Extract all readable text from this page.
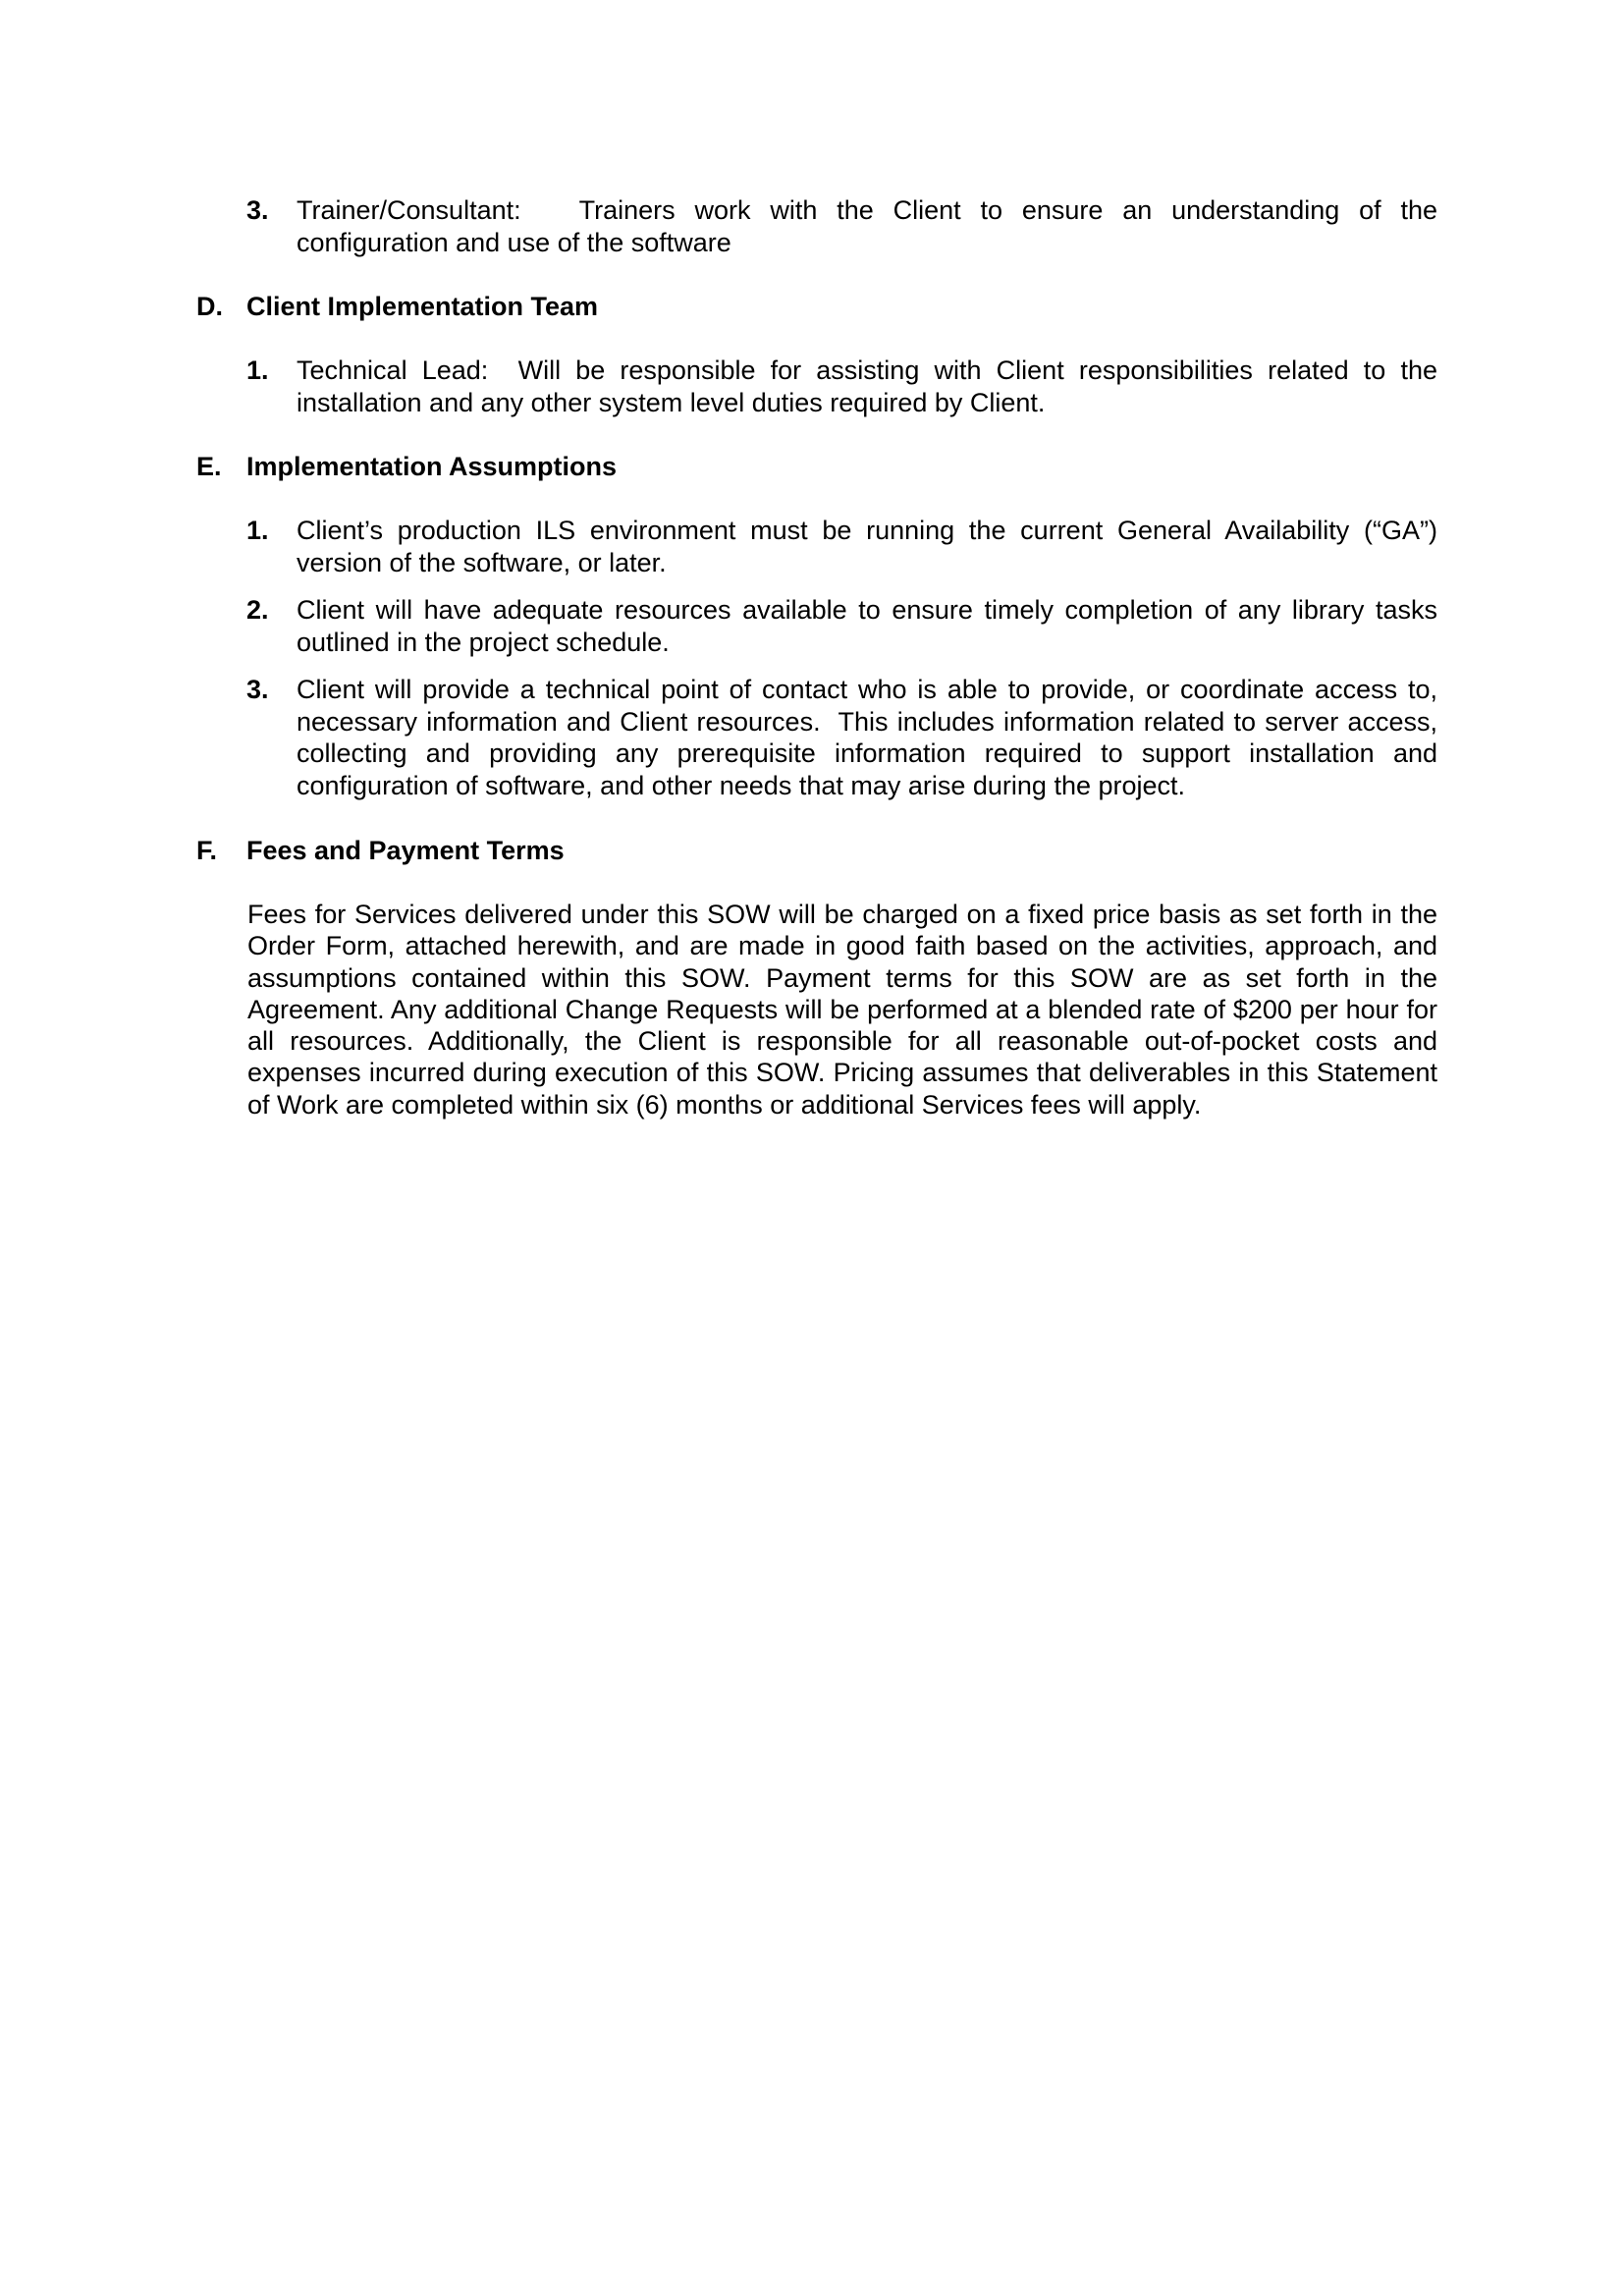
3. Trainer/Consultant:   Trainers work with the Client to ensure an understanding of the configuration and use of the software
D. Client Implementation Team
1. Technical Lead:  Will be responsible for assisting with Client responsibilities related to the installation and any other system level duties required by Client.
E. Implementation Assumptions
1. Client’s production ILS environment must be running the current General Availability (“GA”) version of the software, or later.
2. Client will have adequate resources available to ensure timely completion of any library tasks outlined in the project schedule.
3. Client will provide a technical point of contact who is able to provide, or coordinate access to, necessary information and Client resources.  This includes information related to server access, collecting and providing any prerequisite information required to support installation and configuration of software, and other needs that may arise during the project.
F. Fees and Payment Terms

Fees for Services delivered under this SOW will be charged on a fixed price basis as set forth in the Order Form, attached herewith, and are made in good faith based on the activities, approach, and assumptions contained within this SOW. Payment terms for this SOW are as set forth in the Agreement. Any additional Change Requests will be performed at a blended rate of $200 per hour for all resources. Additionally, the Client is responsible for all reasonable out-of-pocket costs and expenses incurred during execution of this SOW. Pricing assumes that deliverables in this Statement of Work are completed within six (6) months or additional Services fees will apply.
